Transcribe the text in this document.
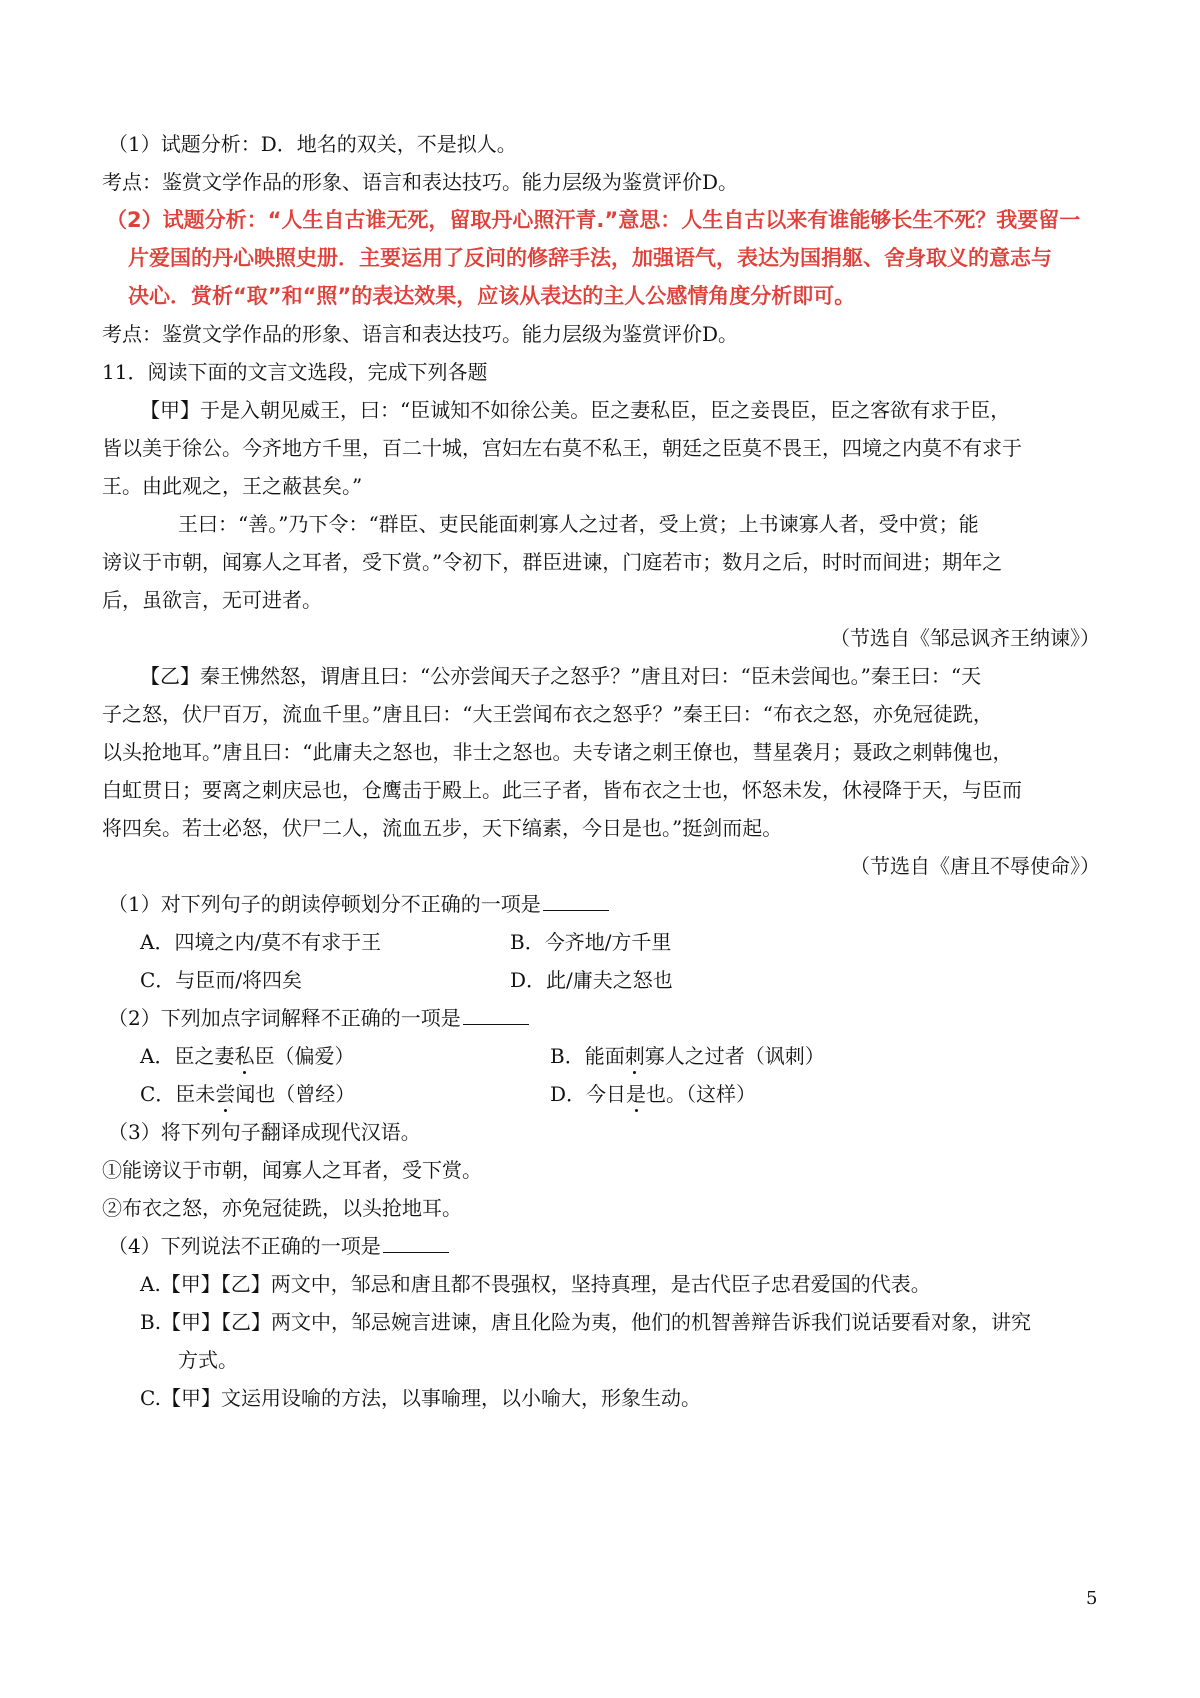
（1）试题分析：D．地名的双关，不是拟人。
考点：鉴赏文学作品的形象、语言和表达技巧。能力层级为鉴赏评价D。
（2）试题分析：“人生自古谁无死，留取丹心照汗青.”意思：人生自古以来有谁能够长生不死？我要留一
片爱国的丹心映照史册．主要运用了反问的修辞手法，加强语气，表达为国捐躯、舍身取义的意志与
决心．赏析“取”和“照”的表达效果，应该从表达的主人公感情角度分析即可。
考点：鉴赏文学作品的形象、语言和表达技巧。能力层级为鉴赏评价D。
11．阅读下面的文言文选段，完成下列各题
【甲】于是入朝见威王，曰：“臣诚知不如徐公美。臣之妻私臣，臣之妾畏臣，臣之客欲有求于臣，
皆以美于徐公。今齐地方千里，百二十城，宫妇左右莫不私王，朝廷之臣莫不畏王，四境之内莫不有求于
王。由此观之，王之蔽甚矣。”
王曰：“善。”乃下令：“群臣、吏民能面刺寡人之过者，受上赏；上书谏寡人者，受中赏；能
谤议于市朝，闻寡人之耳者，受下赏。”令初下，群臣进谏，门庭若市；数月之后，时时而间进；期年之
后，虽欲言，无可进者。
（节选自《邹忌讽齐王纳谏》）
【乙】秦王怫然怒，谓唐且曰：“公亦尝闻天子之怒乎？”唐且对曰：“臣未尝闻也。”秦王曰：“天
子之怒，伏尸百万，流血千里。”唐且曰：“大王尝闻布衣之怒乎？”秦王曰：“布衣之怒，亦免冠徒跣，
以头抢地耳。”唐且曰：“此庸夫之怒也，非士之怒也。夫专诸之刺王僚也，彗星袭月；聂政之刺韩傀也，
白虹贯日；要离之刺庆忌也，仓鹰击于殿上。此三子者，皆布衣之士也，怀怒未发，休祲降于天，与臣而
将四矣。若士必怒，伏尸二人，流血五步，天下缟素，今日是也。”挺剑而起。
（节选自《唐且不辱使命》）
（1）对下列句子的朗读停顿划分不正确的一项是
A．四境之内/莫不有求于王	B．今齐地/方千里
C．与臣而/将四矣	D．此/庸夫之怒也
（2）下列加点字词解释不正确的一项是
A．臣之妻私臣（偏爱）	B．能面刺寡人之过者（讽刺）
C．臣未尝闻也（曾经）	D．今日是也。（这样）
（3）将下列句子翻译成现代汉语。
①能谤议于市朝，闻寡人之耳者，受下赏。
②布衣之怒，亦免冠徒跣，以头抢地耳。
（4）下列说法不正确的一项是
A.【甲】【乙】两文中，邹忌和唐且都不畏强权，坚持真理，是古代臣子忠君爱国的代表。
B.【甲】【乙】两文中，邹忌婉言进谏，唐且化险为夷，他们的机智善辩告诉我们说话要看对象，讲究
方式。
C.【甲】文运用设喻的方法，以事喻理，以小喻大，形象生动。
5
